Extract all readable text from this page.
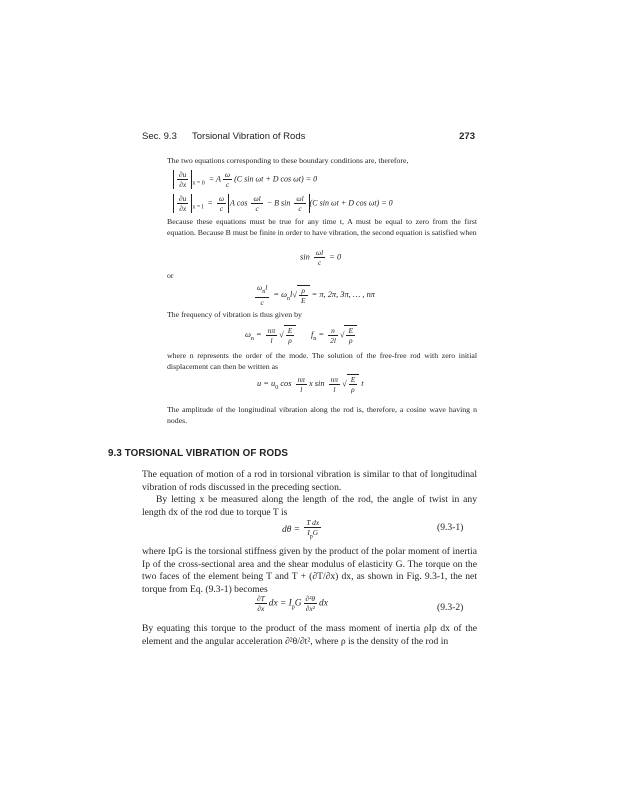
Sec. 9.3 Torsional Vibration of Rods	273
The two equations corresponding to these boundary conditions are, therefore,
$\frac{\partial u}{\partial x} _{x = 0} = A \frac{\omega}{c} (C$ sin ωt + D cos ωt) = 0
$\frac{\partial u}{\partial x} _{x = l} = \frac{\omega}{c}$ A $\cos \frac{\omega l}{c} - B$ $\sin \frac{\omega l}{c} (C$ sin ωt + D cos ωt) = 0
Because these equations must be true for any time t, A must be equal to zero from the first equation. Because B must be finite in order to have vibration, the second equation is satisfied when
$\sin \frac{\omega l}{c} = 0$
or
$\frac{\omega_nl}{c} = \omega_nl√ \frac{\rho}{E} = \pi$, 2π, 3π, … , nπ
The frequency of vibration is thus given by
$\omega_n = \frac{n\pi}{l}$ √ $\frac{E}{\rho} f_n = \frac{n}{2l}$ √ $\frac{E}{\rho}$
where n represents the order of the mode. The solution of the free-free rod with zero initial displacement can then be written as
$u = u_0$ $\cos \frac{n\pi}{l}$ x $\sin \frac{n\pi}{l}$ √ $\frac{E}{\rho}$ t
The amplitude of the longitudinal vibration along the rod is, therefore, a cosine wave having n nodes.
9.3 TORSIONAL VIBRATION OF RODS
The equation of motion of a rod in torsional vibration is similar to that of longitudinal vibration of rods discussed in the preceding section.
By letting x be measured along the length of the rod, the angle of twist in any length dx of the rod due to torque T is
$d\theta = \frac{\text{T dx}}{I_pG}$	(9.3-1)
where IpG is the torsional stiffness given by the product of the polar moment of inertia Ip of the cross-sectional area and the shear modulus of elasticity G. The torque on the two faces of the element being T and T + (∂T/∂x) dx, as shown in Fig. 9.3-1, the net torque from Eq. (9.3-1) becomes
$\frac{\partial T}{\partial x}$ dx = $I_pG \frac{\text{∂²θ}}{\text{∂x²}}$ dx	(9.3-2)
By equating this torque to the product of the mass moment of inertia ρIp dx of the element and the angular acceleration ∂²θ/∂t², where ρ is the density of the rod in
